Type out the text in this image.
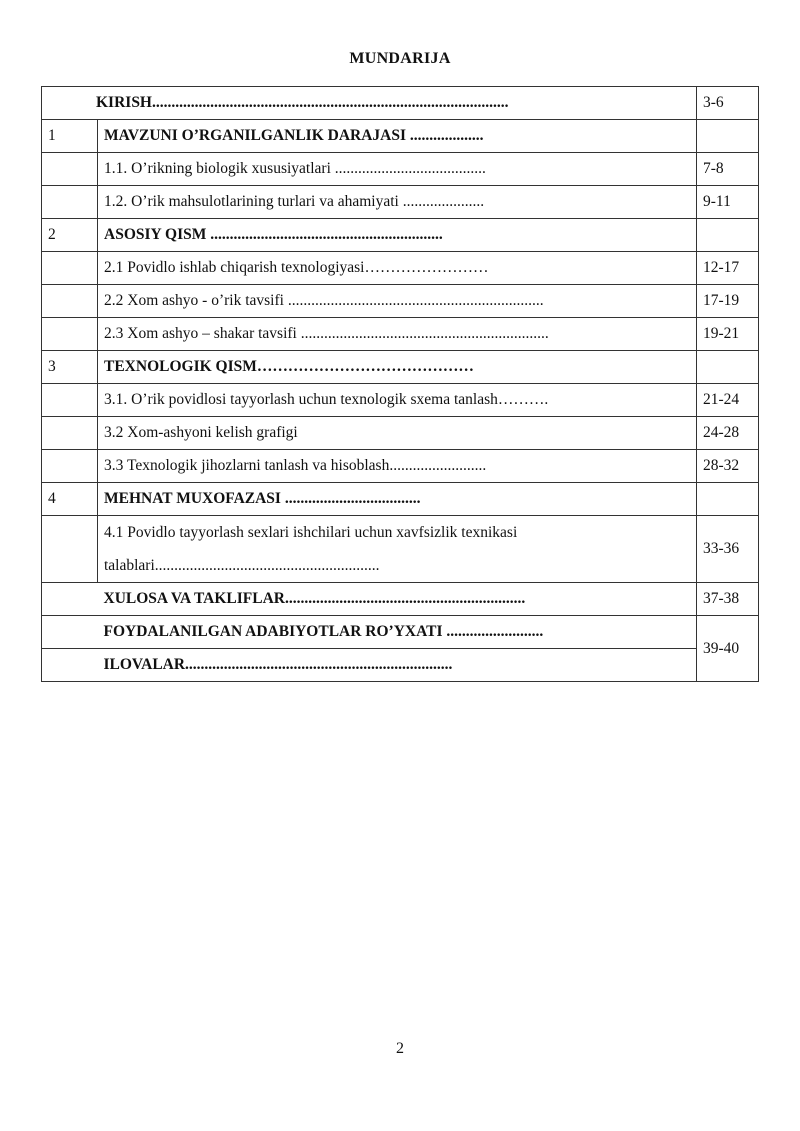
MUNDARIJA
KIRISH............................................................................................		3-6
1	MAVZUNI O’RGANILGANLIK DARAJASI ...................	
	1.1. O’rikning biologik xususiyatlari .......................................	7-8
	1.2. O’rik mahsulotlarining turlari va ahamiyati .....................	9-11
2	ASOSIY QISM ............................................................	
	2.1 Povidlo ishlab chiqarish texnologiyasi……………………	12-17
	2.2 Xom ashyo - o’rik tavsifi ..................................................................	17-19
	2.3 Xom ashyo – shakar tavsifi ................................................................	19-21
3	TEXNOLOGIK QISM……………………………………	
	3.1. O’rik povidlosi tayyorlash uchun texnologik sxema tanlash……….	21-24
	3.2 Xom-ashyoni kelish grafigi	24-28
	3.3 Texnologik jihozlarni tanlash va hisoblash.........................	28-32
4	MEHNAT MUXOFAZASI ...................................	

	4.1 Povidlo tayyorlash sexlari ishchilari uchun xavfsizlik texnikasi
talablari..........................................................	33-36
	XULOSA VA TAKLIFLAR..............................................................	37-38
	FOYDALANILGAN ADABIYOTLAR RO’YXATI .........................	39-40
	ILOVALAR.....................................................................	
2
